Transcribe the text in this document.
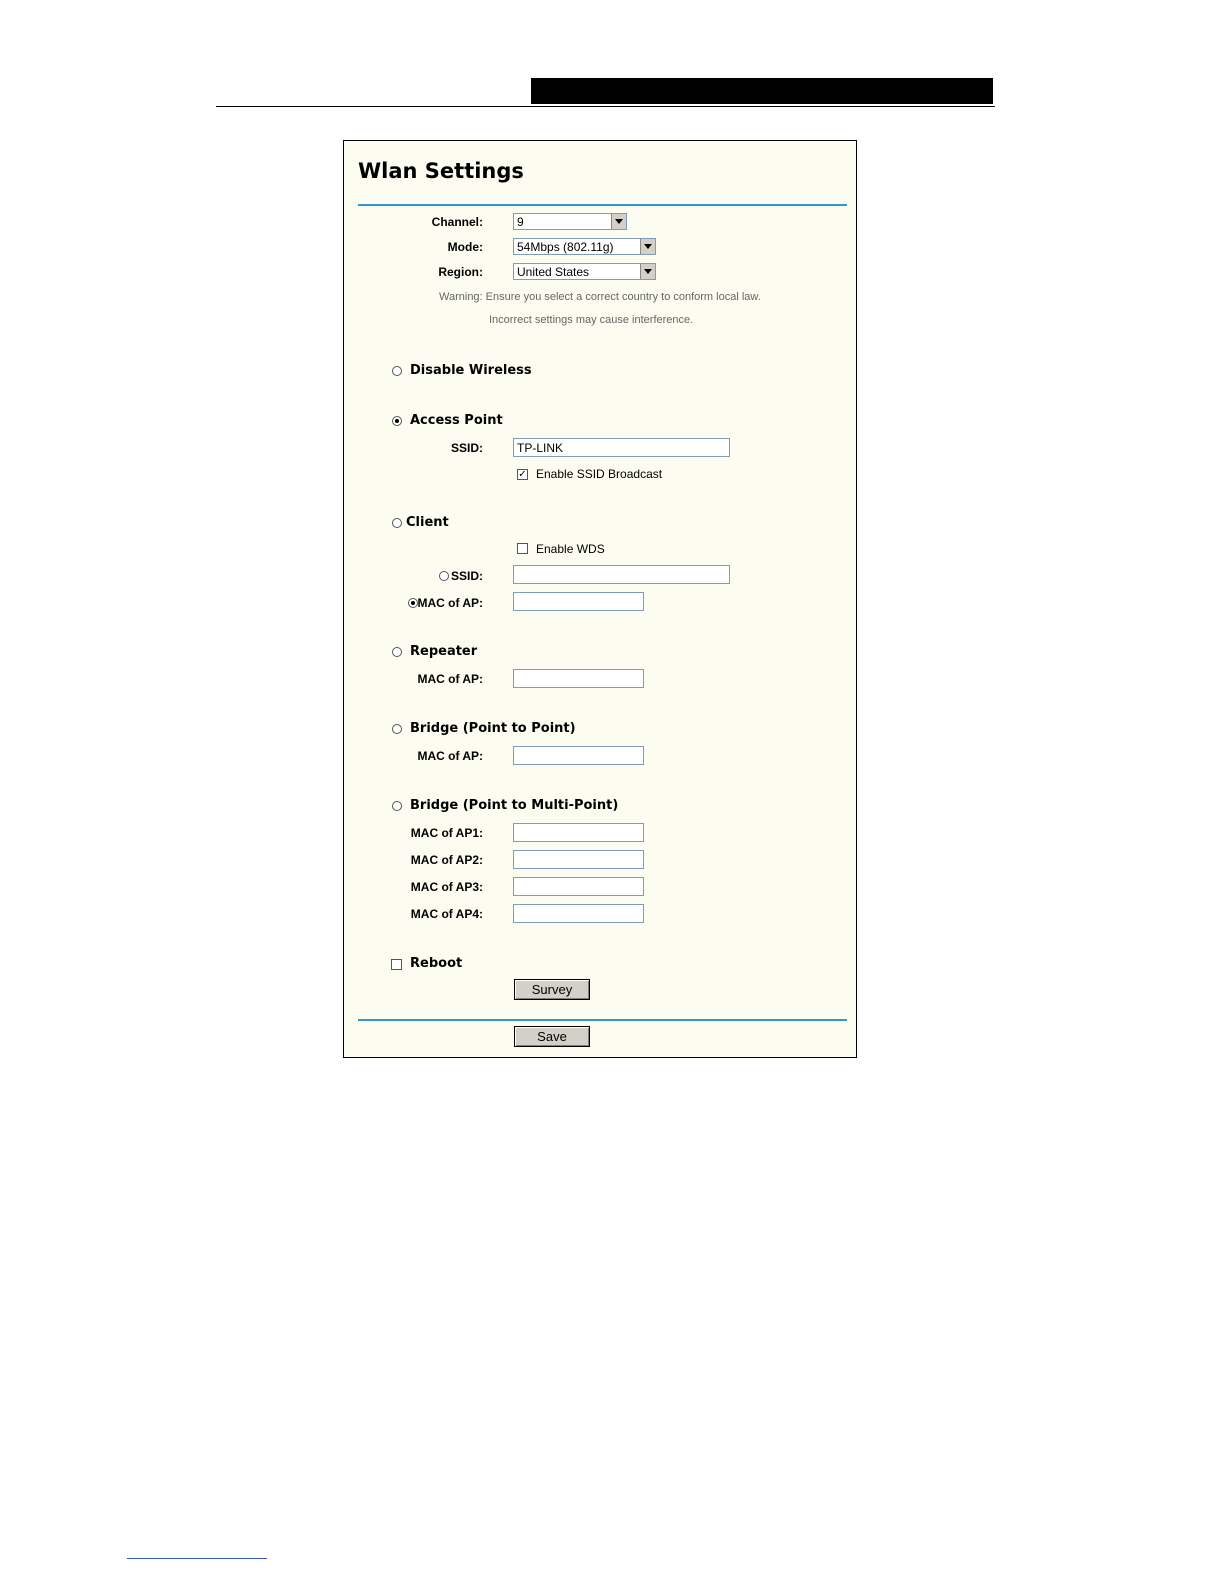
Wlan Settings
Channel:	9
Mode:	54Mbps (802.11g)
Region:	United States
Warning: Ensure you select a correct country to conform local law.
Incorrect settings may cause interference.
Disable Wireless
Access Point
SSID:
TP-LINK
✓ Enable SSID Broadcast
Client
Enable WDS
SSID:
MAC of AP:
Repeater
MAC of AP:
Bridge (Point to Point)
MAC of AP:
Bridge (Point to Multi-Point)
MAC of AP1:
MAC of AP2:
MAC of AP3:
MAC of AP4:
Reboot
Survey
Save
